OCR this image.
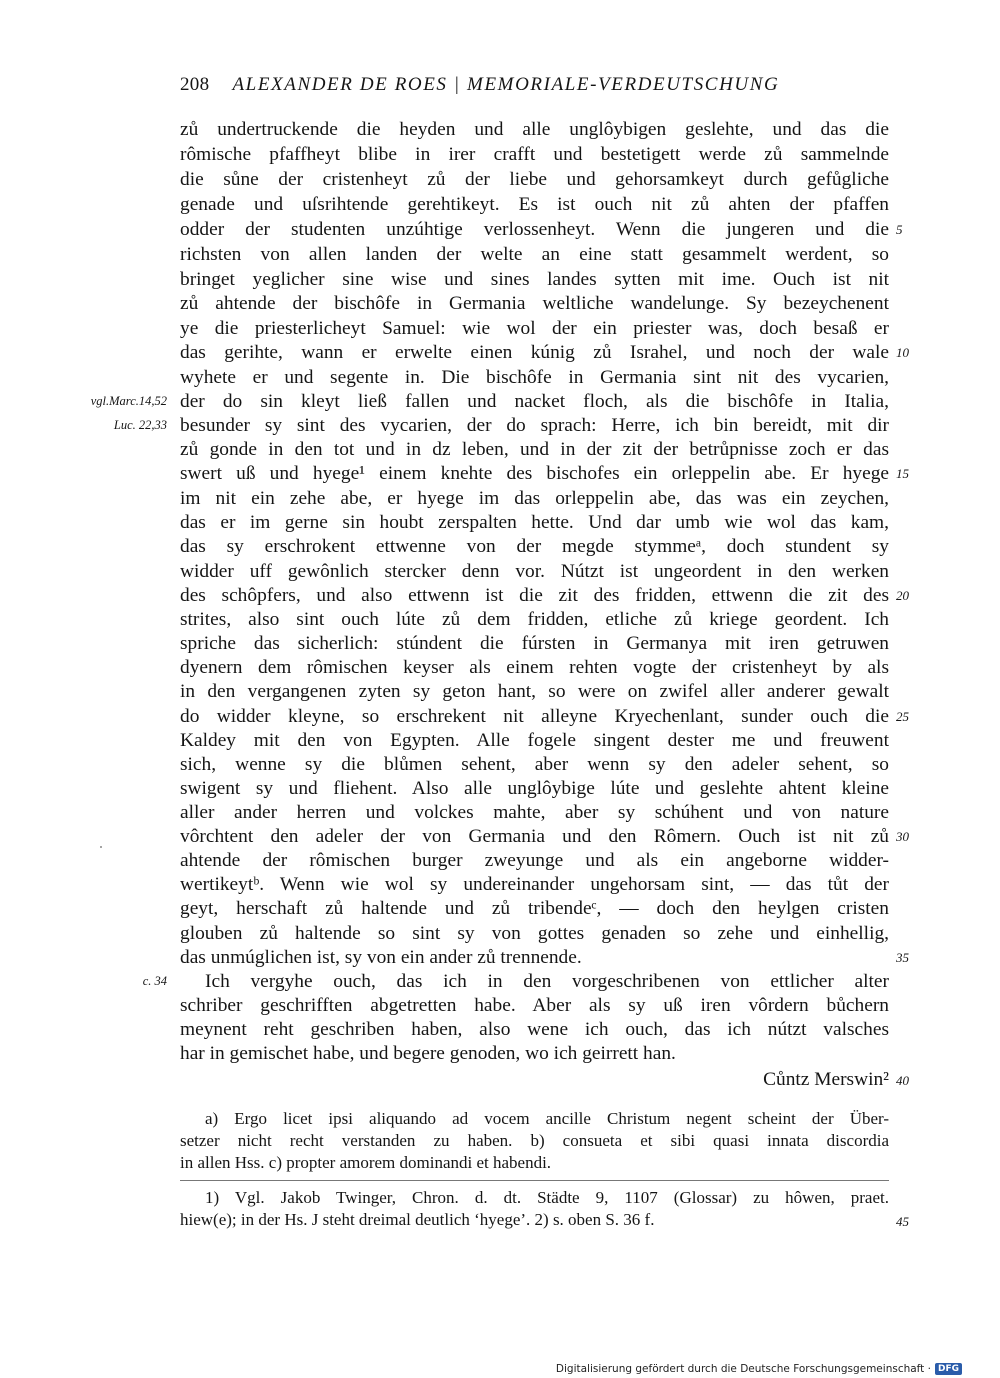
208 ALEXANDER DE ROES | MEMORIALE-VERDEUTSCHUNG
zů undertruckende die heyden und alle unglôybigen geslehte, und das die
rômische pfaffheyt blibe in irer crafft und bestetigett werde zů sammelnde
die sůne der cristenheyt zů der liebe und gehorsamkeyt durch gefůgliche
genade und uſsrihtende gerehtikeyt. Es ist ouch nit zů ahten der pfaffen
odder der studenten unzúhtige verlossenheyt. Wenn die jungeren und die
richsten von allen landen der welte an eine statt gesammelt werdent, so
bringet yeglicher sine wise und sines landes sytten mit ime. Ouch ist nit
zů ahtende der bischôfe in Germania weltliche wandelunge. Sy bezeychenent
ye die priesterlicheyt Samuel: wie wol der ein priester was, doch besaß er
das gerihte, wann er erwelte einen kúnig zů Israhel, und noch der wale
wyhete er und segente in. Die bischôfe in Germania sint nit des vycarien,
der do sin kleyt ließ fallen und nacket floch, als die bischôfe in Italia,
besunder sy sint des vycarien, der do sprach: Herre, ich bin bereidt, mit dir
zů gonde in den tot und in dz leben, und in der zit der betrůpnisse zoch er das
swert uß und hyege¹ einem knehte des bischofes ein orleppelin abe. Er hyege
im nit ein zehe abe, er hyege im das orleppelin abe, das was ein zeychen,
das er im gerne sin houbt zerspalten hette. Und dar umb wie wol das kam,
das sy erschrokent ettwenne von der megde stymmeᵃ, doch stundent sy
widder uff gewônlich stercker denn vor. Nútzt ist ungeordent in den werken
des schôpfers, und also ettwenn ist die zit des fridden, ettwenn die zit des
strites, also sint ouch lúte zů dem fridden, etliche zů kriege geordent. Ich
spriche das sicherlich: stúndent die fúrsten in Germanya mit iren getruwen
dyenern dem rômischen keyser als einem rehten vogte der cristenheyt by als
in den vergangenen zyten sy geton hant, so were on zwifel aller anderer gewalt
do widder kleyne, so erschrekent nit alleyne Kryechenlant, sunder ouch die
Kaldey mit den von Egypten. Alle fogele singent dester me und freuwent
sich, wenne sy die blůmen sehent, aber wenn sy den adeler sehent, so
swigent sy und fliehent. Also alle unglôybige lúte und geslehte ahtent kleine
aller ander herren und volckes mahte, aber sy schúhent und von nature
vôrchtent den adeler der von Germania und den Rômern. Ouch ist nit zů
ahtende der rômischen burger zweyunge und als ein angeborne widder-
wertikeytᵇ. Wenn wie wol sy undereinander ungehorsam sint, — das tůt der
geyt, herschaft zů haltende und zů tribendeᶜ, — doch den heylgen cristen
glouben zů haltende so sint sy von gottes genaden so zehe und einhellig,
das unmúglichen ist, sy von ein ander zů trennende.
Ich vergyhe ouch, das ich in den vorgeschribenen von ettlicher alter
schriber geschrifften abgetretten habe. Aber als sy uß iren vôrdern bůchern
meynent reht geschriben haben, also wene ich ouch, das ich nútzt valsches
har in gemischet habe, und begere genoden, wo ich geirrett han.
Cůntz Merswin²
5
10
15
20
25
30
35
40
45
vgl.Marc.14,52
Luc. 22,33
c. 34
a) Ergo licet ipsi aliquando ad vocem ancille Christum negent scheint der Über-
setzer nicht recht verstanden zu haben. b) consueta et sibi quasi innata discordia
in allen Hss. c) propter amorem dominandi et habendi.
1) Vgl. Jakob Twinger, Chron. d. dt. Städte 9, 1107 (Glossar) zu hôwen, praet.
hiew(e); in der Hs. J steht dreimal deutlich ‘hyege’. 2) s. oben S. 36 f.
Digitalisierung gefördert durch die Deutsche Forschungsgemeinschaft · DFG
